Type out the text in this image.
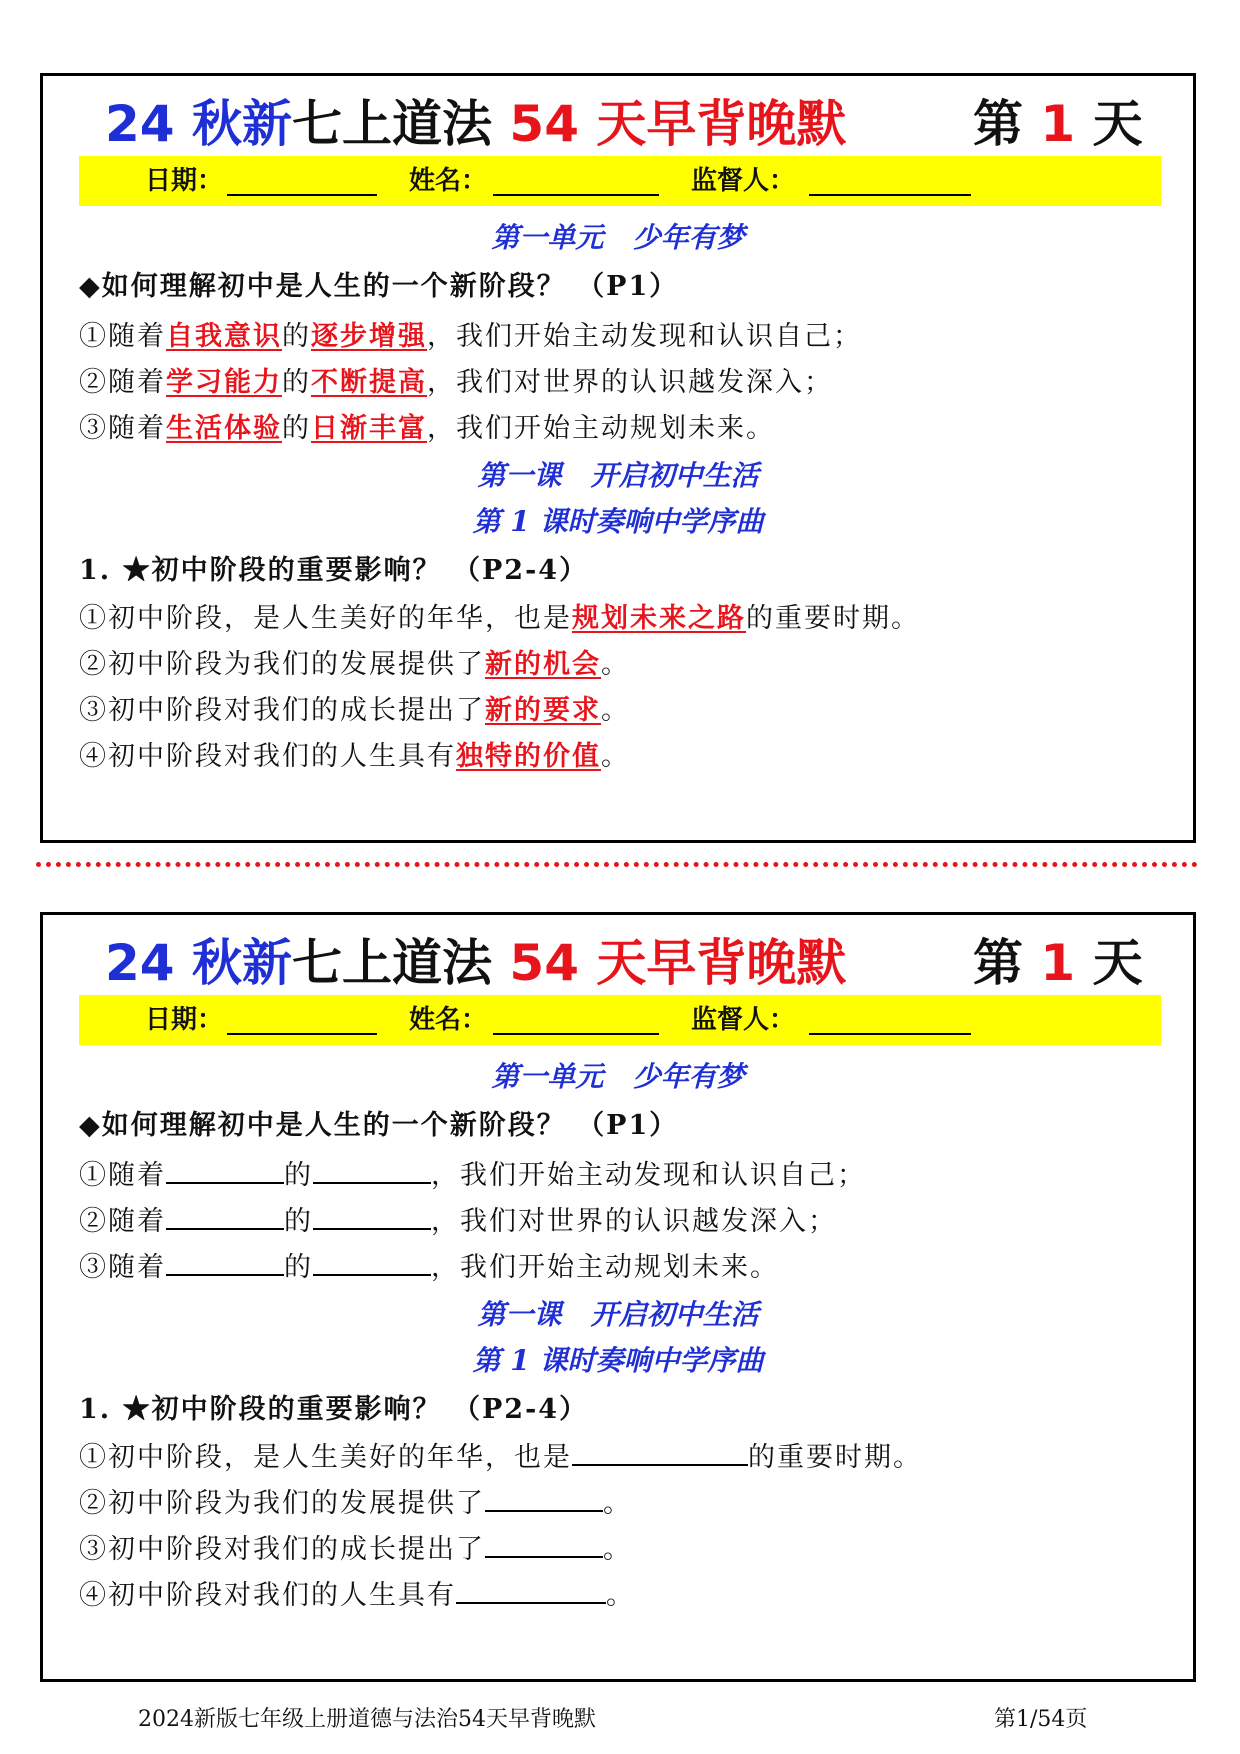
24 秋新七上道法 54 天早背晚默	第 1 天
日期：	姓名：	监督人：
第一单元   少年有梦
◆如何理解初中是人生的一个新阶段？ （P1）
①随着自我意识的逐步增强，我们开始主动发现和认识自己；
②随着学习能力的不断提高，我们对世界的认识越发深入；
③随着生活体验的日渐丰富，我们开始主动规划未来。
第一课   开启初中生活
第 1 课时奏响中学序曲
1. ★初中阶段的重要影响？ （P2-4）
①初中阶段，是人生美好的年华，也是规划未来之路的重要时期。
②初中阶段为我们的发展提供了新的机会。
③初中阶段对我们的成长提出了新的要求。
④初中阶段对我们的人生具有独特的价值。
24 秋新七上道法 54 天早背晚默	第 1 天
日期：	姓名：	监督人：
第一单元   少年有梦
◆如何理解初中是人生的一个新阶段？ （P1）
①随着	的	，我们开始主动发现和认识自己；
②随着	的	，我们对世界的认识越发深入；
③随着	的	，我们开始主动规划未来。
第一课   开启初中生活
第 1 课时奏响中学序曲
1. ★初中阶段的重要影响？ （P2-4）
①初中阶段，是人生美好的年华，也是	的重要时期。
②初中阶段为我们的发展提供了	。
③初中阶段对我们的成长提出了	。
④初中阶段对我们的人生具有	。
2024新版七年级上册道德与法治54天早背晚默	第1/54页
